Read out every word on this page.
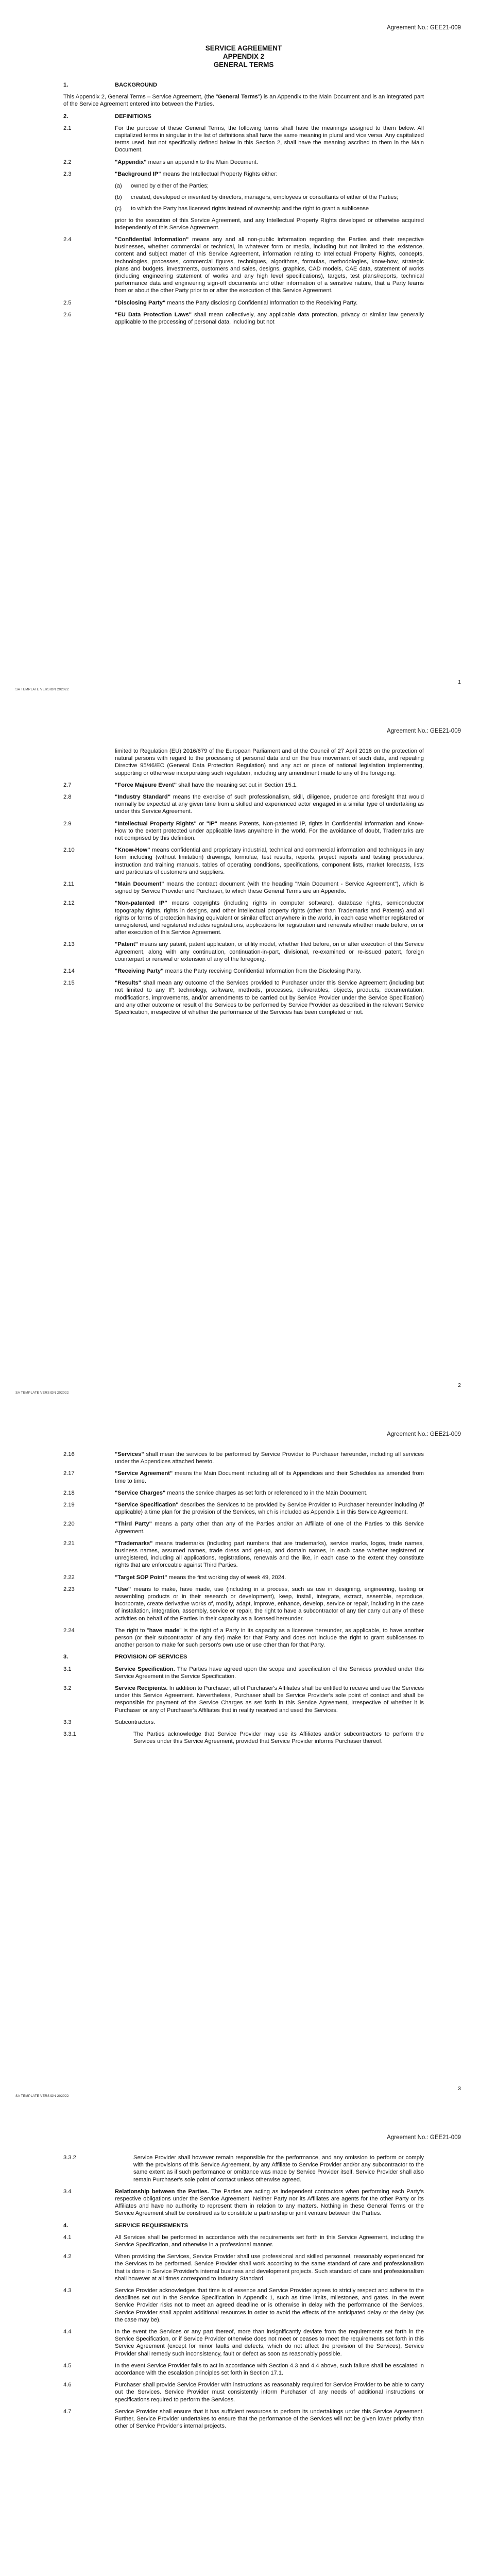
Agreement No.: GEE21-009
SERVICE AGREEMENT
APPENDIX 2
GENERAL TERMS
1.	BACKGROUND
This Appendix 2, General Terms – Service Agreement, (the "General Terms") is an Appendix to the Main Document and is an integrated part of the Service Agreement entered into between the Parties.
2.	DEFINITIONS
2.1	For the purpose of these General Terms, the following terms shall have the meanings assigned to them below. All capitalized terms in singular in the list of definitions shall have the same meaning in plural and vice versa. Any capitalized terms used, but not specifically defined below in this Section 2, shall have the meaning ascribed to them in the Main Document.
2.2	"Appendix" means an appendix to the Main Document.
2.3	"Background IP" means the Intellectual Property Rights either:
(a) owned by either of the Parties;
(b) created, developed or invented by directors, managers, employees or consultants of either of the Parties;
(c) to which the Party has licensed rights instead of ownership and the right to grant a sublicense
prior to the execution of this Service Agreement, and any Intellectual Property Rights developed or otherwise acquired independently of this Service Agreement.
2.4	"Confidential Information" means any and all non-public information regarding the Parties and their respective businesses, whether commercial or technical, in whatever form or media, including but not limited to the existence, content and subject matter of this Service Agreement, information relating to Intellectual Property Rights, concepts, technologies, processes, commercial figures, techniques, algorithms, formulas, methodologies, know-how, strategic plans and budgets, investments, customers and sales, designs, graphics, CAD models, CAE data, statement of works (including engineering statement of works and any high level specifications), targets, test plans/reports, technical performance data and engineering sign-off documents and other information of a sensitive nature, that a Party learns from or about the other Party prior to or after the execution of this Service Agreement.
2.5	"Disclosing Party" means the Party disclosing Confidential Information to the Receiving Party.
2.6	"EU Data Protection Laws" shall mean collectively, any applicable data protection, privacy or similar law generally applicable to the processing of personal data, including but not
1
SA TEMPLATE VERSION 202022
Agreement No.: GEE21-009
limited to Regulation (EU) 2016/679 of the European Parliament and of the Council of 27 April 2016 on the protection of natural persons with regard to the processing of personal data and on the free movement of such data, and repealing Directive 95/46/EC (General Data Protection Regulation) and any act or piece of national legislation implementing, supporting or otherwise incorporating such regulation, including any amendment made to any of the foregoing.
2.7	"Force Majeure Event" shall have the meaning set out in Section 15.1.
2.8	"Industry Standard" means the exercise of such professionalism, skill, diligence, prudence and foresight that would normally be expected at any given time from a skilled and experienced actor engaged in a similar type of undertaking as under this Service Agreement.
2.9	"Intellectual Property Rights" or "IP" means Patents, Non-patented IP, rights in Confidential Information and Know-How to the extent protected under applicable laws anywhere in the world. For the avoidance of doubt, Trademarks are not comprised by this definition.
2.10	"Know-How" means confidential and proprietary industrial, technical and commercial information and techniques in any form including (without limitation) drawings, formulae, test results, reports, project reports and testing procedures, instruction and training manuals, tables of operating conditions, specifications, component lists, market forecasts, lists and particulars of customers and suppliers.
2.11	"Main Document" means the contract document (with the heading "Main Document - Service Agreement"), which is signed by Service Provider and Purchaser, to which these General Terms are an Appendix.
2.12	"Non-patented IP" means copyrights (including rights in computer software), database rights, semiconductor topography rights, rights in designs, and other intellectual property rights (other than Trademarks and Patents) and all rights or forms of protection having equivalent or similar effect anywhere in the world, in each case whether registered or unregistered, and registered includes registrations, applications for registration and renewals whether made before, on or after execution of this Service Agreement.
2.13	"Patent" means any patent, patent application, or utility model, whether filed before, on or after execution of this Service Agreement, along with any continuation, continuation-in-part, divisional, re-examined or re-issued patent, foreign counterpart or renewal or extension of any of the foregoing.
2.14	"Receiving Party" means the Party receiving Confidential Information from the Disclosing Party.
2.15	"Results" shall mean any outcome of the Services provided to Purchaser under this Service Agreement (including but not limited to any IP, technology, software, methods, processes, deliverables, objects, products, documentation, modifications, improvements, and/or amendments to be carried out by Service Provider under the Service Specification) and any other outcome or result of the Services to be performed by Service Provider as described in the relevant Service Specification, irrespective of whether the performance of the Services has been completed or not.
2
SA TEMPLATE VERSION 202022
Agreement No.: GEE21-009
2.16	"Services" shall mean the services to be performed by Service Provider to Purchaser hereunder, including all services under the Appendices attached hereto.
2.17	"Service Agreement" means the Main Document including all of its Appendices and their Schedules as amended from time to time.
2.18	"Service Charges" means the service charges as set forth or referenced to in the Main Document.
2.19	"Service Specification" describes the Services to be provided by Service Provider to Purchaser hereunder including (if applicable) a time plan for the provision of the Services, which is included as Appendix 1 in this Service Agreement.
2.20	"Third Party" means a party other than any of the Parties and/or an Affiliate of one of the Parties to this Service Agreement.
2.21	"Trademarks" means trademarks (including part numbers that are trademarks), service marks, logos, trade names, business names, assumed names, trade dress and get-up, and domain names, in each case whether registered or unregistered, including all applications, registrations, renewals and the like, in each case to the extent they constitute rights that are enforceable against Third Parties.
2.22	"Target SOP Point" means the first working day of week 49, 2024.
2.23	"Use" means to make, have made, use (including in a process, such as use in designing, engineering, testing or assembling products or in their research or development), keep, install, integrate, extract, assemble, reproduce, incorporate, create derivative works of, modify, adapt, improve, enhance, develop, service or repair, including in the case of installation, integration, assembly, service or repair, the right to have a subcontractor of any tier carry out any of these activities on behalf of the Parties in their capacity as a licensed hereunder.
2.24	The right to "have made" is the right of a Party in its capacity as a licensee hereunder, as applicable, to have another person (or their subcontractor of any tier) make for that Party and does not include the right to grant sublicenses to another person to make for such person's own use or use other than for that Party.
3.	PROVISION OF SERVICES
3.1	Service Specification. The Parties have agreed upon the scope and specification of the Services provided under this Service Agreement in the Service Specification.
3.2	Service Recipients. In addition to Purchaser, all of Purchaser's Affiliates shall be entitled to receive and use the Services under this Service Agreement. Nevertheless, Purchaser shall be Service Provider's sole point of contact and shall be responsible for payment of the Service Charges as set forth in this Service Agreement, irrespective of whether it is Purchaser or any of Purchaser's Affiliates that in reality received and used the Services.
3.3	Subcontractors.
3.3.1	The Parties acknowledge that Service Provider may use its Affiliates and/or subcontractors to perform the Services under this Service Agreement, provided that Service Provider informs Purchaser thereof.
3
SA TEMPLATE VERSION 202022
Agreement No.: GEE21-009
3.3.2	Service Provider shall however remain responsible for the performance, and any omission to perform or comply with the provisions of this Service Agreement, by any Affiliate to Service Provider and/or any subcontractor to the same extent as if such performance or omittance was made by Service Provider itself. Service Provider shall also remain Purchaser's sole point of contact unless otherwise agreed.
3.4	Relationship between the Parties. The Parties are acting as independent contractors when performing each Party's respective obligations under the Service Agreement. Neither Party nor its Affiliates are agents for the other Party or its Affiliates and have no authority to represent them in relation to any matters. Nothing in these General Terms or the Service Agreement shall be construed as to constitute a partnership or joint venture between the Parties.
4.	SERVICE REQUIREMENTS
4.1	All Services shall be performed in accordance with the requirements set forth in this Service Agreement, including the Service Specification, and otherwise in a professional manner.
4.2	When providing the Services, Service Provider shall use professional and skilled personnel, reasonably experienced for the Services to be performed. Service Provider shall work according to the same standard of care and professionalism that is done in Service Provider's internal business and development projects. Such standard of care and professionalism shall however at all times correspond to Industry Standard.
4.3	Service Provider acknowledges that time is of essence and Service Provider agrees to strictly respect and adhere to the deadlines set out in the Service Specification in Appendix 1, such as time limits, milestones, and gates. In the event Service Provider risks not to meet an agreed deadline or is otherwise in delay with the performance of the Services, Service Provider shall appoint additional resources in order to avoid the effects of the anticipated delay or the delay (as the case may be).
4.4	In the event the Services or any part thereof, more than insignificantly deviate from the requirements set forth in the Service Specification, or if Service Provider otherwise does not meet or ceases to meet the requirements set forth in this Service Agreement (except for minor faults and defects, which do not affect the provision of the Services), Service Provider shall remedy such inconsistency, fault or defect as soon as reasonably possible.
4.5	In the event Service Provider fails to act in accordance with Section 4.3 and 4.4 above, such failure shall be escalated in accordance with the escalation principles set forth in Section 17.1.
4.6	Purchaser shall provide Service Provider with instructions as reasonably required for Service Provider to be able to carry out the Services. Service Provider must consistently inform Purchaser of any needs of additional instructions or specifications required to perform the Services.
4.7	Service Provider shall ensure that it has sufficient resources to perform its undertakings under this Service Agreement. Further, Service Provider undertakes to ensure that the performance of the Services will not be given lower priority than other of Service Provider's internal projects.
